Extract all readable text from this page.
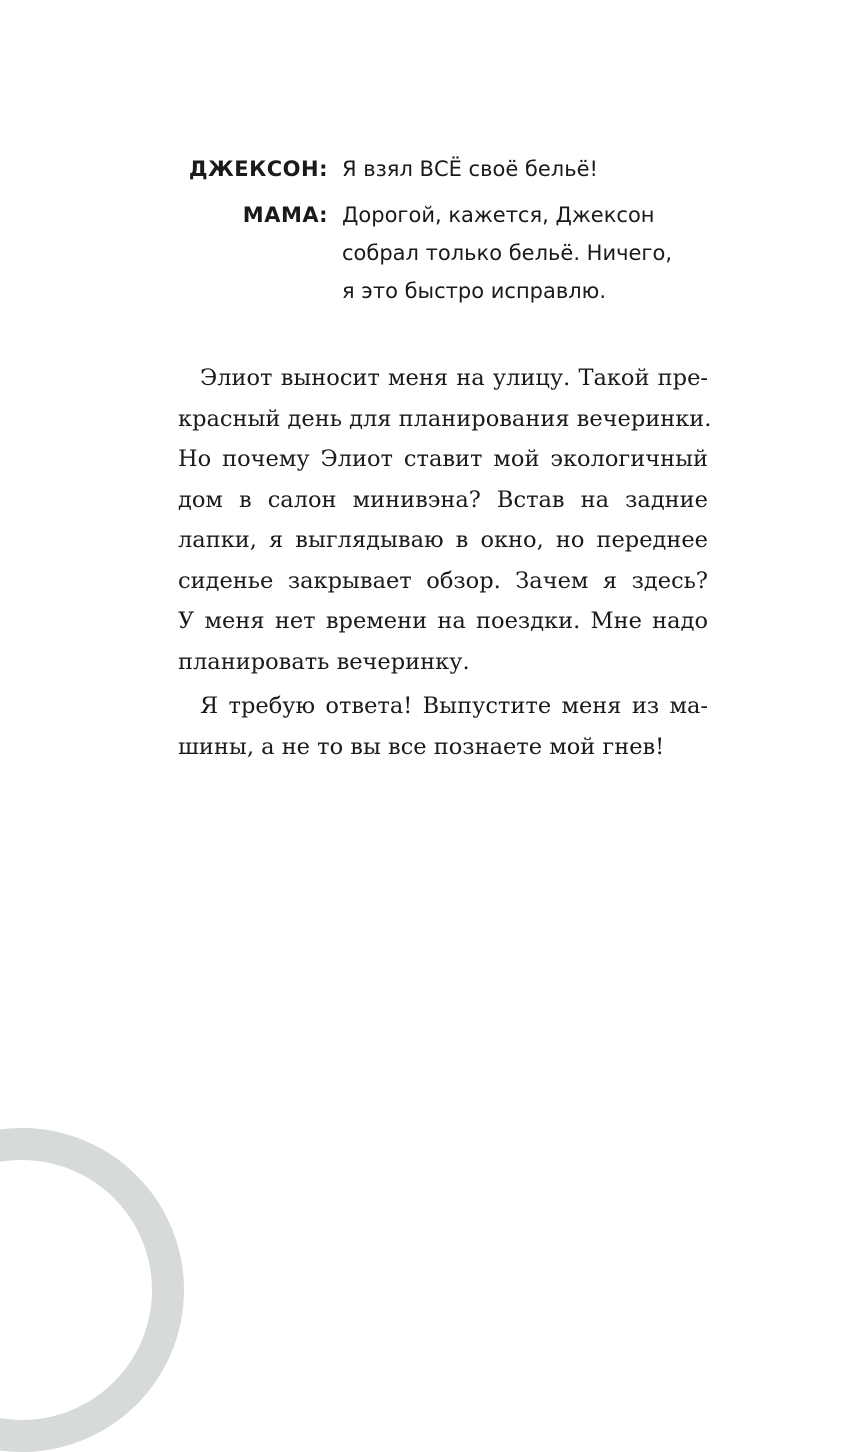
ДЖЕКСОН: Я взял ВСЁ своё бельё!
МАМА: Дорогой, кажется, Джексон
собрал только бельё. Ничего,
я это быстро исправлю.
Элиот выносит меня на улицу. Такой пре-
красный день для планирования вечеринки.
Но почему Элиот ставит мой экологичный
дом в салон минивэна? Встав на задние
лапки, я выглядываю в окно, но переднее
сиденье закрывает обзор. Зачем я здесь?
У меня нет времени на поездки. Мне надо
планировать вечеринку.
Я требую ответа! Выпустите меня из ма-
шины, а не то вы все познаете мой гнев!
